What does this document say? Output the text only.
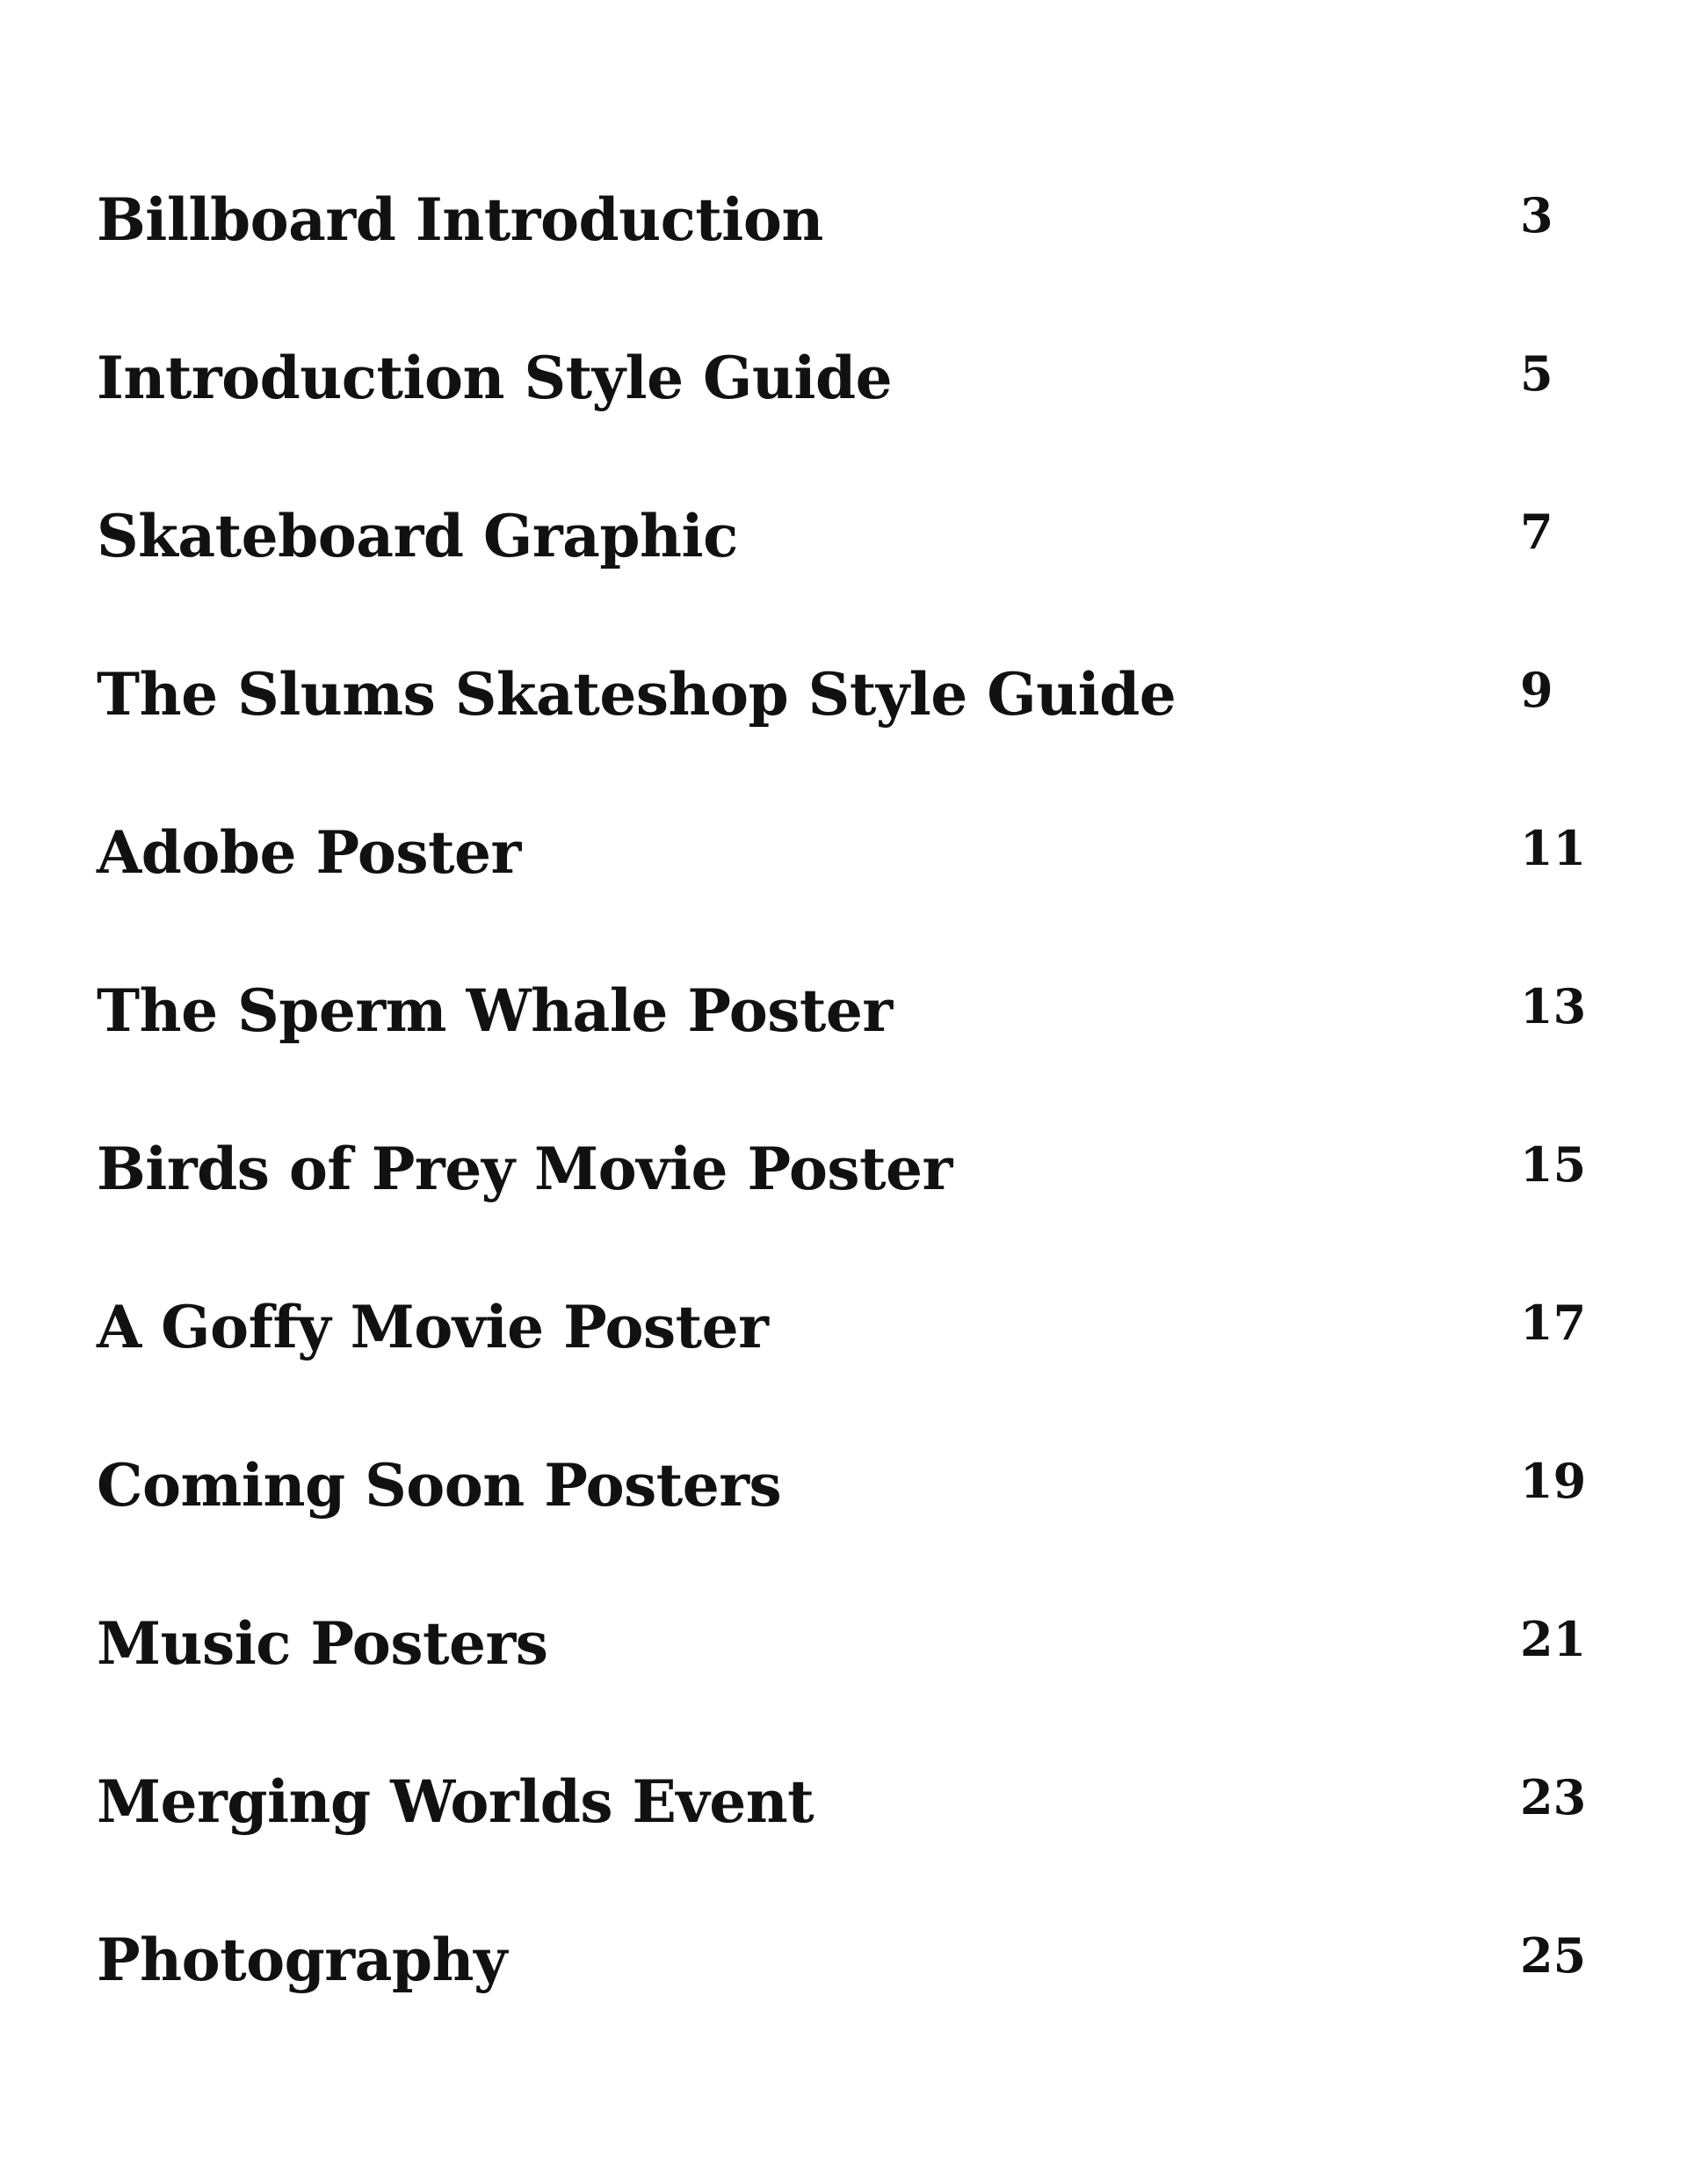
Billboard Introduction	3
Introduction Style Guide	5
Skateboard Graphic	7
The Slums Skateshop Style Guide	9
Adobe Poster	11
The Sperm Whale Poster	13
Birds of Prey Movie Poster	15
A Goffy Movie Poster	17
Coming Soon Posters	19
Music Posters	21
Merging Worlds Event	23
Photography	25
